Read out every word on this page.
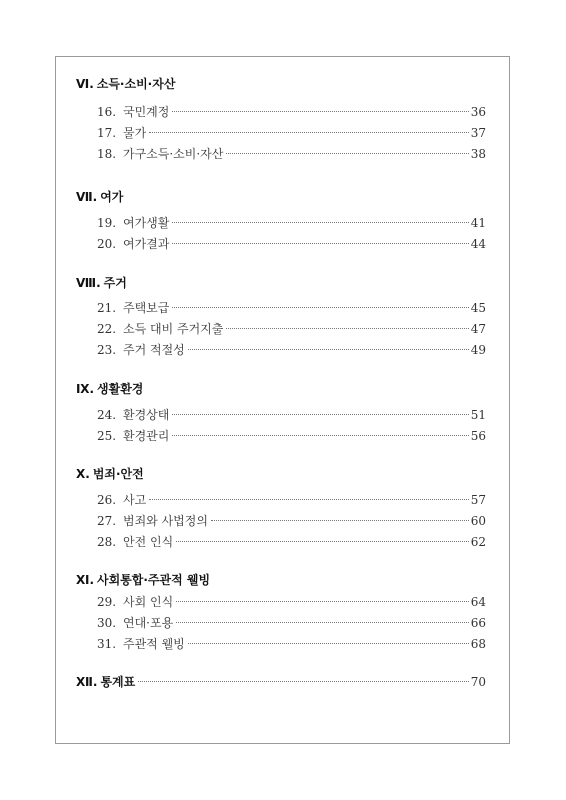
Ⅵ. 소득·소비·자산
16. 국민계정	36
17. 물가	37
18. 가구소득·소비·자산	38
Ⅶ. 여가
19. 여가생활	41
20. 여가결과	44
Ⅷ. 주거
21. 주택보급	45
22. 소득 대비 주거지출	47
23. 주거 적절성	49
Ⅸ. 생활환경
24. 환경상태	51
25. 환경관리	56
Ⅹ. 범죄·안전
26. 사고	57
27. 범죄와 사법정의	60
28. 안전 인식	62
Ⅺ. 사회통합·주관적 웰빙
29. 사회 인식	64
30. 연대·포용	66
31. 주관적 웰빙	68
Ⅻ. 통계표	70
